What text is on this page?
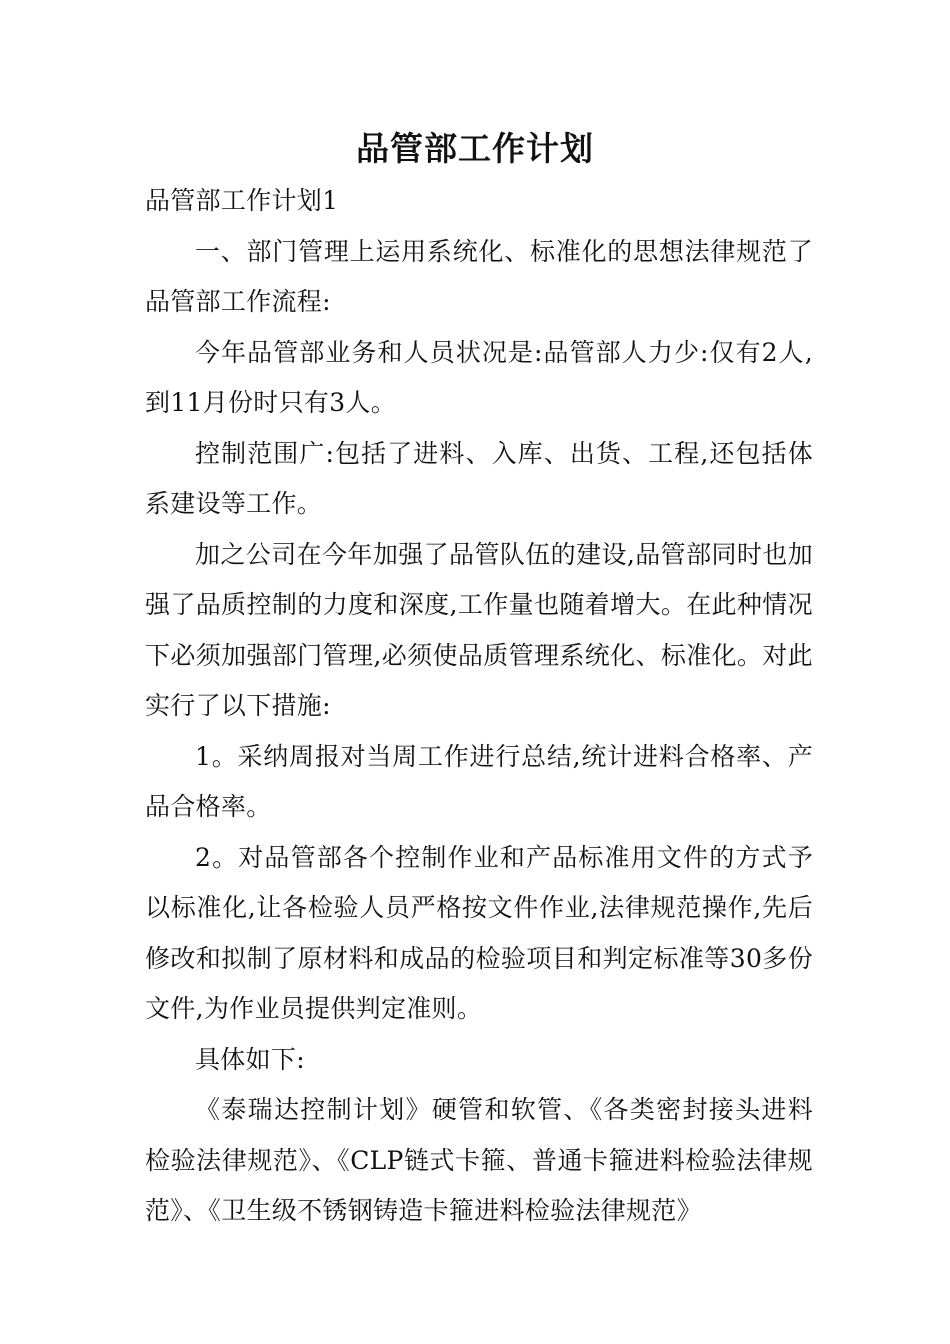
品管部工作计划

品管部工作计划1

一、部门管理上运用系统化、标准化的思想法律规范了品管部工作流程:

今年品管部业务和人员状况是:品管部人力少:仅有2人,到11月份时只有3人。

控制范围广:包括了进料、入库、出货、工程,还包括体系建设等工作。

加之公司在今年加强了品管队伍的建设,品管部同时也加强了品质控制的力度和深度,工作量也随着增大。在此种情况下必须加强部门管理,必须使品质管理系统化、标准化。对此实行了以下措施:

1。采纳周报对当周工作进行总结,统计进料合格率、产品合格率。

2。对品管部各个控制作业和产品标准用文件的方式予以标准化,让各检验人员严格按文件作业,法律规范操作,先后修改和拟制了原材料和成品的检验项目和判定标准等30多份文件,为作业员提供判定准则。

具体如下:

《泰瑞达控制计划》硬管和软管、《各类密封接头进料检验法律规范》、《CLP链式卡箍、普通卡箍进料检验法律规范》、《卫生级不锈钢铸造卡箍进料检验法律规范》
